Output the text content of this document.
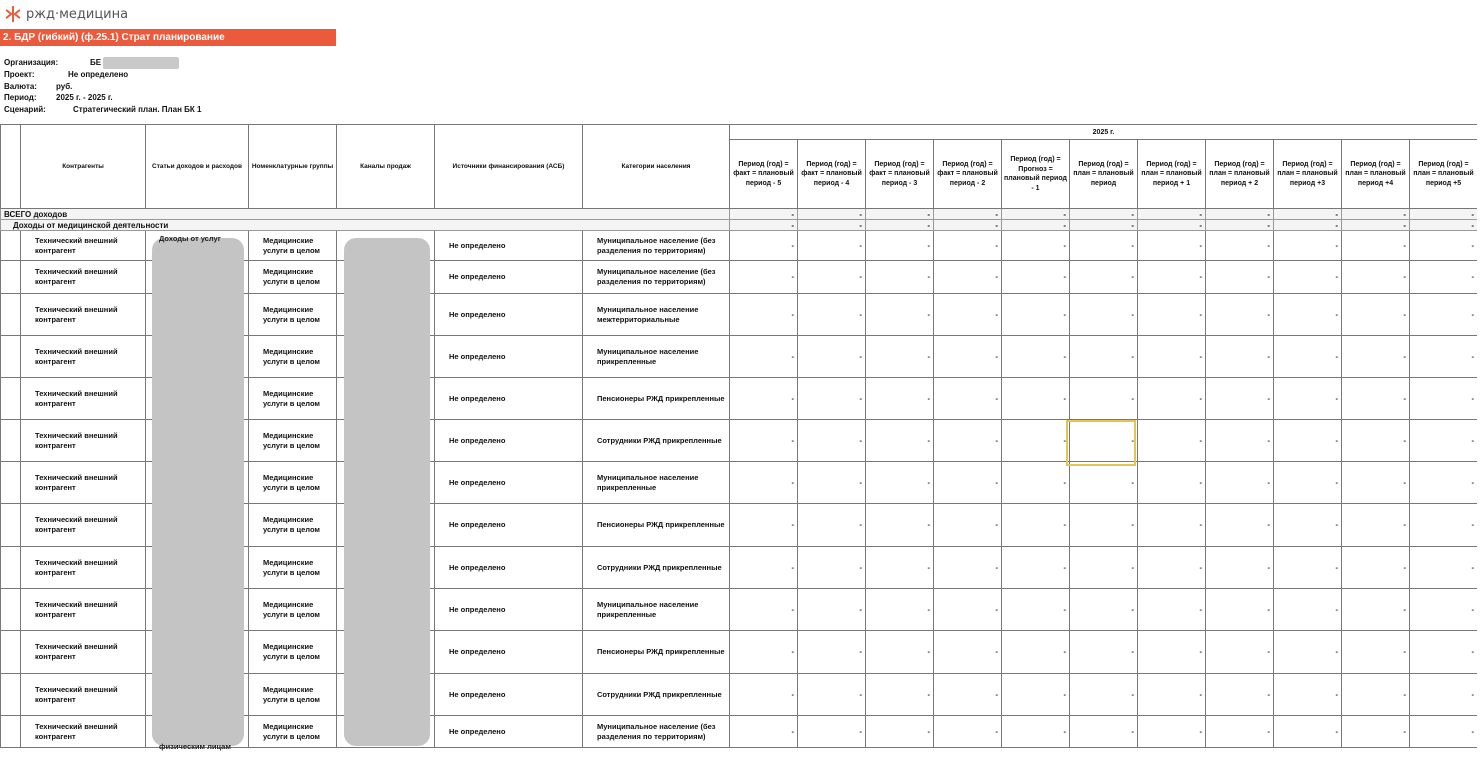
ржд·медицина
2. БДР (гибкий) (ф.25.1) Страт планирование
Организация:	БЕ
Проект:	Не определено
Валюта:	руб.
Период:	2025 г. - 2025 г.
Сценарий:	Стратегический план. План БК 1
	Контрагенты	Статьи доходов и расходов	Номенклатурные группы	Каналы продаж	Источники финансирования (АСБ)	Категории населения	2025 г.										
							Период (год) = факт = плановый период - 5	Период (год) = факт = плановый период - 4	Период (год) = факт = плановый период - 3	Период (год) = факт = плановый период - 2	Период (год) = Прогноз = плановый период - 1	Период (год) = план = плановый период	Период (год) = план = плановый период + 1	Период (год) = план = плановый период + 2	Период (год) = план = плановый период +3	Период (год) = план = плановый период +4	Период (год) = план = плановый период +5
ВСЕГО доходов							-	-	-	-	-	-	-	-	-	-	-
Доходы от медицинской деятельности							-	-	-	-	-	-	-	-	-	-	-
	Технический внешний контрагент		Медицинские услуги в целом		Не определено	Муниципальное население (без разделения по территориям)	-	-	-	-	-	-	-	-	-	-	-
	Технический внешний контрагент		Медицинские услуги в целом		Не определено	Муниципальное население (без разделения по территориям)	-	-	-	-	-	-	-	-	-	-	-
	Технический внешний контрагент		Медицинские услуги в целом		Не определено	Муниципальное население межтерриториальные	-	-	-	-	-	-	-	-	-	-	-
	Технический внешний контрагент		Медицинские услуги в целом		Не определено	Муниципальное население прикрепленные	-	-	-	-	-	-	-	-	-	-	-
	Технический внешний контрагент		Медицинские услуги в целом		Не определено	Пенсионеры РЖД прикрепленные	-	-	-	-	-	-	-	-	-	-	-
	Технический внешний контрагент		Медицинские услуги в целом		Не определено	Сотрудники РЖД прикрепленные	-	-	-	-	-	-	-	-	-	-	-
	Технический внешний контрагент		Медицинские услуги в целом		Не определено	Муниципальное население прикрепленные	-	-	-	-	-	-	-	-	-	-	-
	Технический внешний контрагент		Медицинские услуги в целом		Не определено	Пенсионеры РЖД прикрепленные	-	-	-	-	-	-	-	-	-	-	-
	Технический внешний контрагент		Медицинские услуги в целом		Не определено	Сотрудники РЖД прикрепленные	-	-	-	-	-	-	-	-	-	-	-
	Технический внешний контрагент		Медицинские услуги в целом		Не определено	Муниципальное население прикрепленные	-	-	-	-	-	-	-	-	-	-	-
	Технический внешний контрагент		Медицинские услуги в целом		Не определено	Пенсионеры РЖД прикрепленные	-	-	-	-	-	-	-	-	-	-	-
	Технический внешний контрагент		Медицинские услуги в целом		Не определено	Сотрудники РЖД прикрепленные	-	-	-	-	-	-	-	-	-	-	-
	Технический внешний контрагент		Медицинские услуги в целом		Не определено	Муниципальное население (без разделения по территориям)	-	-	-	-	-	-	-	-	-	-	-
Доходы от услуг
физическим лицам
